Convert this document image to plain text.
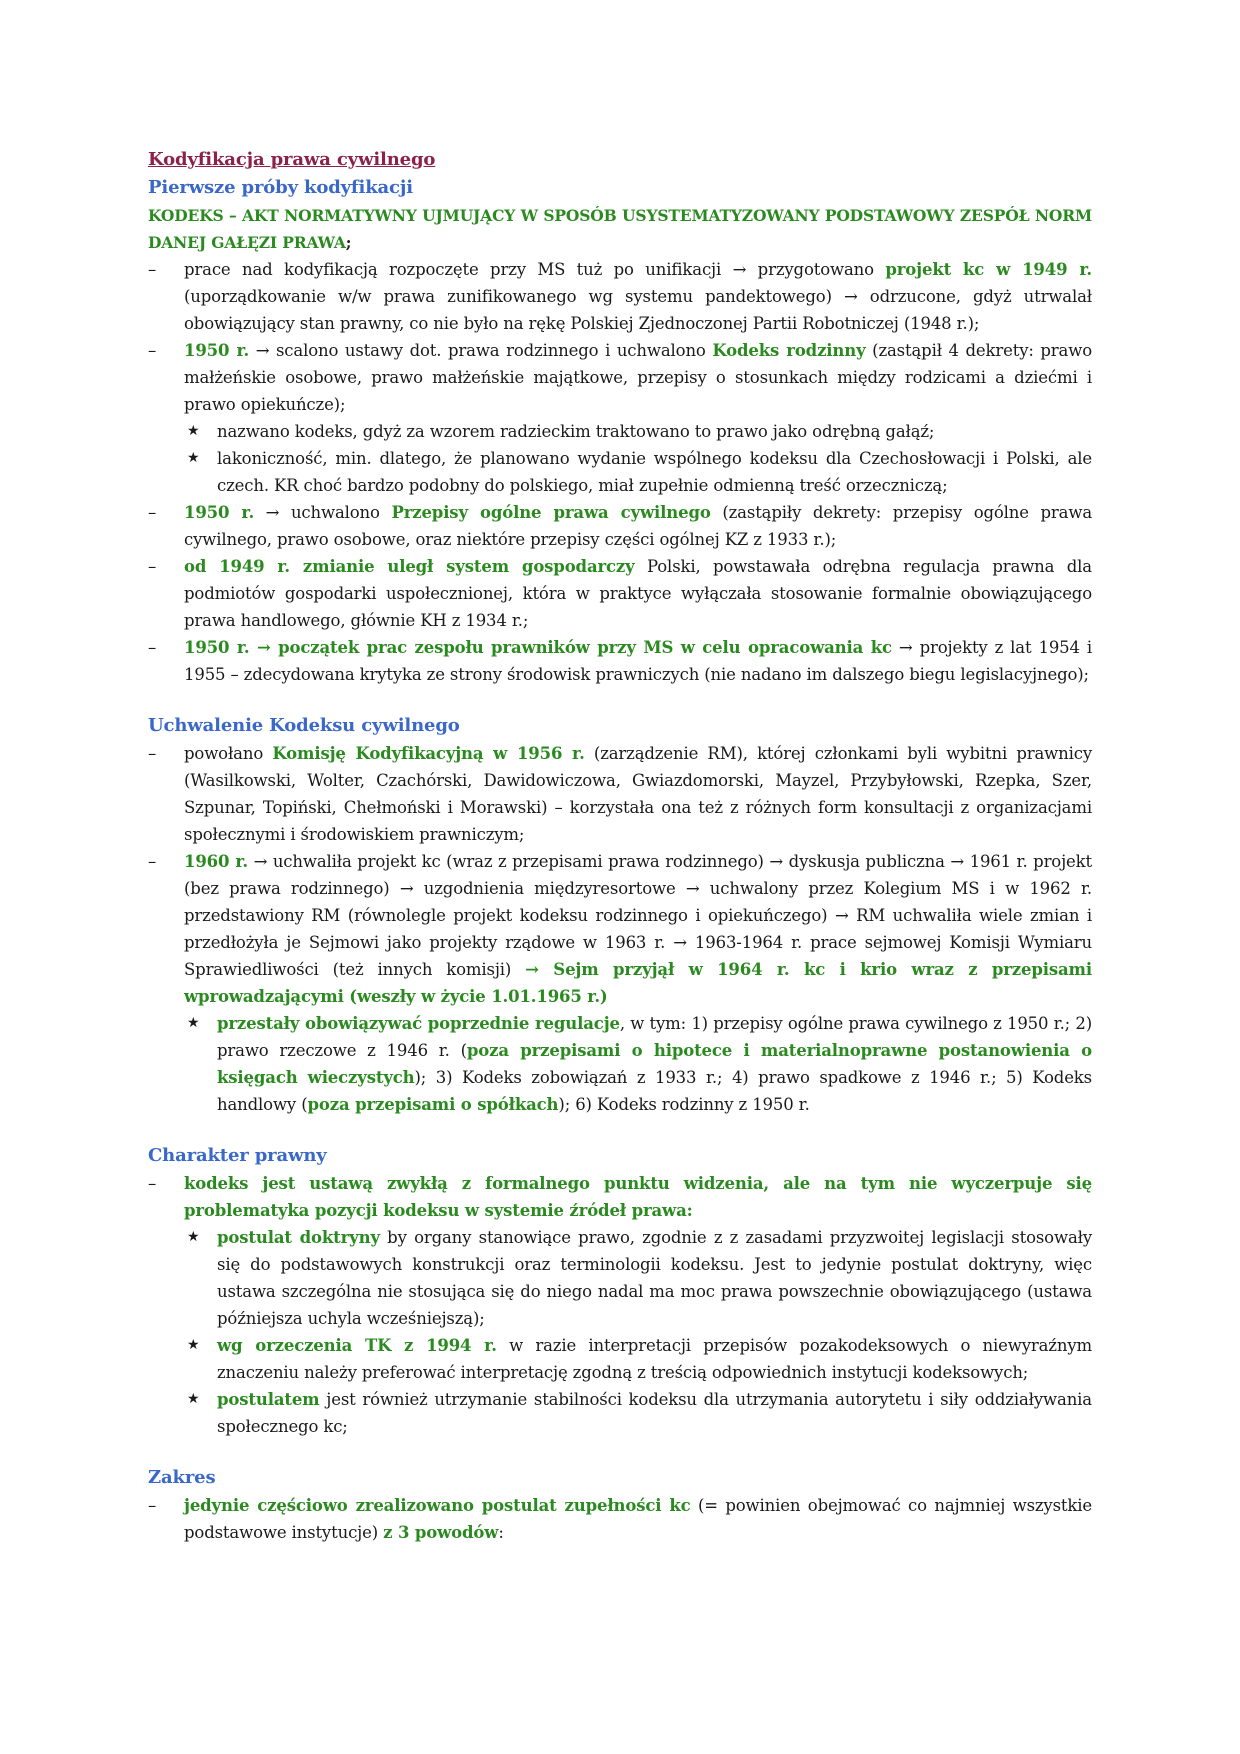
Kodyfikacja prawa cywilnego

Pierwsze próby kodyfikacji

KODEKS – AKT NORMATYWNY UJMUJĄCY W SPOSÓB USYSTEMATYZOWANY PODSTAWOWY ZESPÓŁ NORM DANEJ GAŁĘZI PRAWA;

– prace nad kodyfikacją rozpoczęte przy MS tuż po unifikacji → przygotowano projekt kc w 1949 r. (uporządkowanie w/w prawa zunifikowanego wg systemu pandektowego) → odrzucone, gdyż utrwalał obowiązujący stan prawny, co nie było na rękę Polskiej Zjednoczonej Partii Robotniczej (1948 r.);
– 1950 r. → scalono ustawy dot. prawa rodzinnego i uchwalono Kodeks rodzinny (zastąpił 4 dekrety: prawo małżeńskie osobowe, prawo małżeńskie majątkowe, przepisy o stosunkach między rodzicami a dziećmi i prawo opiekuńcze);
★ nazwano kodeks, gdyż za wzorem radzieckim traktowano to prawo jako odrębną gałąź;
★ lakoniczność, min. dlatego, że planowano wydanie wspólnego kodeksu dla Czechosłowacji i Polski, ale czech. KR choć bardzo podobny do polskiego, miał zupełnie odmienną treść orzeczniczą;
– 1950 r. → uchwalono Przepisy ogólne prawa cywilnego (zastąpiły dekrety: przepisy ogólne prawa cywilnego, prawo osobowe, oraz niektóre przepisy części ogólnej KZ z 1933 r.);
– od 1949 r. zmianie uległ system gospodarczy Polski, powstawała odrębna regulacja prawna dla podmiotów gospodarki uspołecznionej, która w praktyce wyłączała stosowanie formalnie obowiązującego prawa handlowego, głównie KH z 1934 r.;
– 1950 r. → początek prac zespołu prawników przy MS w celu opracowania kc → projekty z lat 1954 i 1955 – zdecydowana krytyka ze strony środowisk prawniczych (nie nadano im dalszego biegu legislacyjnego);

Uchwalenie Kodeksu cywilnego

– powołano Komisję Kodyfikacyjną w 1956 r. (zarządzenie RM), której członkami byli wybitni prawnicy (Wasilkowski, Wolter, Czachórski, Dawidowiczowa, Gwiazdomorski, Mayzel, Przybyłowski, Rzepka, Szer, Szpunar, Topiński, Chełmoński i Morawski) – korzystała ona też z różnych form konsultacji z organizacjami społecznymi i środowiskiem prawniczym;
– 1960 r. → uchwaliła projekt kc (wraz z przepisami prawa rodzinnego) → dyskusja publiczna → 1961 r. projekt (bez prawa rodzinnego) → uzgodnienia międzyresortowe → uchwalony przez Kolegium MS i w 1962 r. przedstawiony RM (równolegle projekt kodeksu rodzinnego i opiekuńczego) → RM uchwaliła wiele zmian i przedłożyła je Sejmowi jako projekty rządowe w 1963 r. → 1963-1964 r. prace sejmowej Komisji Wymiaru Sprawiedliwości (też innych komisji) → Sejm przyjął w 1964 r. kc i krio wraz z przepisami wprowadzającymi (weszły w życie 1.01.1965 r.)
★ przestały obowiązywać poprzednie regulacje, w tym: 1) przepisy ogólne prawa cywilnego z 1950 r.; 2) prawo rzeczowe z 1946 r. (poza przepisami o hipotece i materialnoprawne postanowienia o księgach wieczystych); 3) Kodeks zobowiązań z 1933 r.; 4) prawo spadkowe z 1946 r.; 5) Kodeks handlowy (poza przepisami o spółkach); 6) Kodeks rodzinny z 1950 r.

Charakter prawny

– kodeks jest ustawą zwykłą z formalnego punktu widzenia, ale na tym nie wyczerpuje się problematyka pozycji kodeksu w systemie źródeł prawa:
★ postulat doktryny by organy stanowiące prawo, zgodnie z z zasadami przyzwoitej legislacji stosowały się do podstawowych konstrukcji oraz terminologii kodeksu. Jest to jedynie postulat doktryny, więc ustawa szczególna nie stosująca się do niego nadal ma moc prawa powszechnie obowiązującego (ustawa późniejsza uchyla wcześniejszą);
★ wg orzeczenia TK z 1994 r. w razie interpretacji przepisów pozakodeksowych o niewyraźnym znaczeniu należy preferować interpretację zgodną z treścią odpowiednich instytucji kodeksowych;
★ postulatem jest również utrzymanie stabilności kodeksu dla utrzymania autorytetu i siły oddziaływania społecznego kc;

Zakres

– jedynie częściowo zrealizowano postulat zupełności kc (= powinien obejmować co najmniej wszystkie podstawowe instytucje) z 3 powodów:
